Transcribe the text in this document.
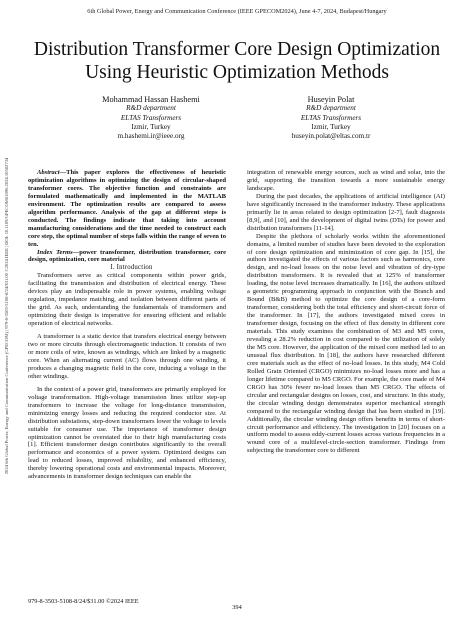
6th Global Power, Energy and Communication Conference (IEEE GPECOM2024), June 4-7, 2024, Budapest/Hungary
2024 6th Global Power, Energy and Communication Conference (GPECOM) | 979-8-3503-5108-8/24/$31.00 ©2024 IEEE | DOI: 10.1109/GPECOM61896.2024.10582734
Distribution Transformer Core Design Optimization Using Heuristic Optimization Methods
Mohammad Hassan Hashemi
R&D department
ELTAS Transformers
Izmir, Turkey
m.hashemi.ir@ieee.org
Huseyin Polat
R&D department
ELTAS Transformers
Izmir, Turkey
huseyin.polat@eltas.com.tr

Abstract—This paper explores the effectiveness of heuristic optimization algorithms in optimizing the design of circular-shaped transformer cores. The objective function and constraints are formulated mathematically and implemented in the MATLAB environment. The optimization results are compared to assess algorithm performance. Analysis of the gap at different steps is conducted. The findings indicate that taking into account manufacturing considerations and the time needed to construct each core step, the optimal number of steps falls within the range of seven to ten.

Index Terms—power transformer, distribution transformer, core design, optimization, core material

I. Introduction

Transformers serve as critical components within power grids, facilitating the transmission and distribution of electrical energy. These devices play an indispensable role in power systems, enabling voltage regulation, impedance matching, and isolation between different parts of the grid. As such, understanding the fundamentals of transformers and optimizing their design is imperative for ensuring efficient and reliable operation of electrical networks.

A transformer is a static device that transfers electrical energy between two or more circuits through electromagnetic induction. It consists of two or more coils of wire, known as windings, which are linked by a magnetic core. When an alternating current (AC) flows through one winding, it produces a changing magnetic field in the core, inducing a voltage in the other windings.

In the context of a power grid, transformers are primarily employed for voltage transformation. High-voltage transmission lines utilize step-up transformers to increase the voltage for long-distance transmission, minimizing energy losses and reducing the required conductor size. At distribution substations, step-down transformers lower the voltage to levels suitable for consumer use. The importance of transformer design optimization cannot be overstated due to their high manufacturing costs [1]. Efficient transformer design contributes significantly to the overall performance and economics of a power system. Optimized designs can lead to reduced losses, improved reliability, and enhanced efficiency, thereby lowering operational costs and environmental impacts. Moreover, advancements in transformer design techniques can enable the

integration of renewable energy sources, such as wind and solar, into the grid, supporting the transition towards a more sustainable energy landscape.

During the past decades, the applications of artificial intelligence (AI) have significantly increased in the transformer industry. These applications primarily lie in areas related to design optimization [2-7], fault diagnosis [8,9], and [10], and the development of digital twins (DTs) for power and distribution transformers [11-14].

Despite the plethora of scholarly works within the aforementioned domains, a limited number of studies have been devoted to the exploration of core design optimization and minimization of core gap. In [15], the authors investigated the effects of various factors such as harmonics, core design, and no-load losses on the noise level and vibration of dry-type distribution transformers. It is revealed that at 125% of transformer loading, the noise level increases dramatically. In [16], the authors utilized a geometric programming approach in conjunction with the Branch and Bound (B&B) method to optimize the core design of a core-form transformer, considering both the total efficiency and short-circuit force of the transformer. In [17], the authors investigated mixed cores in transformer design, focusing on the effect of flux density in different core materials. This study examines the combination of M3 and M5 cores, revealing a 28.2% reduction in cost compared to the utilization of solely the M5 core. However, the application of the mixed core method led to an unusual flux distribution. In [18], the authors have researched different core materials such as the effect of no-load losses. In this study, M4 Cold Rolled Grain Oriented (CRGO) minimizes no-load losses more and has a longer lifetime compared to M5 CRGO. For example, the core made of M4 CRGO has 30% fewer no-load losses than M5 CRGO. The effects of circular and rectangular designs on losses, cost, and structure. In this study, the circular winding design demonstrates superior mechanical strength compared to the rectangular winding design that has been studied in [19]. Additionally, the circular winding design offers benefits in terms of short-circuit performance and efficiency. The investigation in [20] focuses on a uniform model to assess eddy-current losses across various frequencies in a wound core of a multilevel-circle-section transformer. Findings from subjecting the transformer core to different

979-8-3503-5108-8/24/$31.00 ©2024 IEEE
394
